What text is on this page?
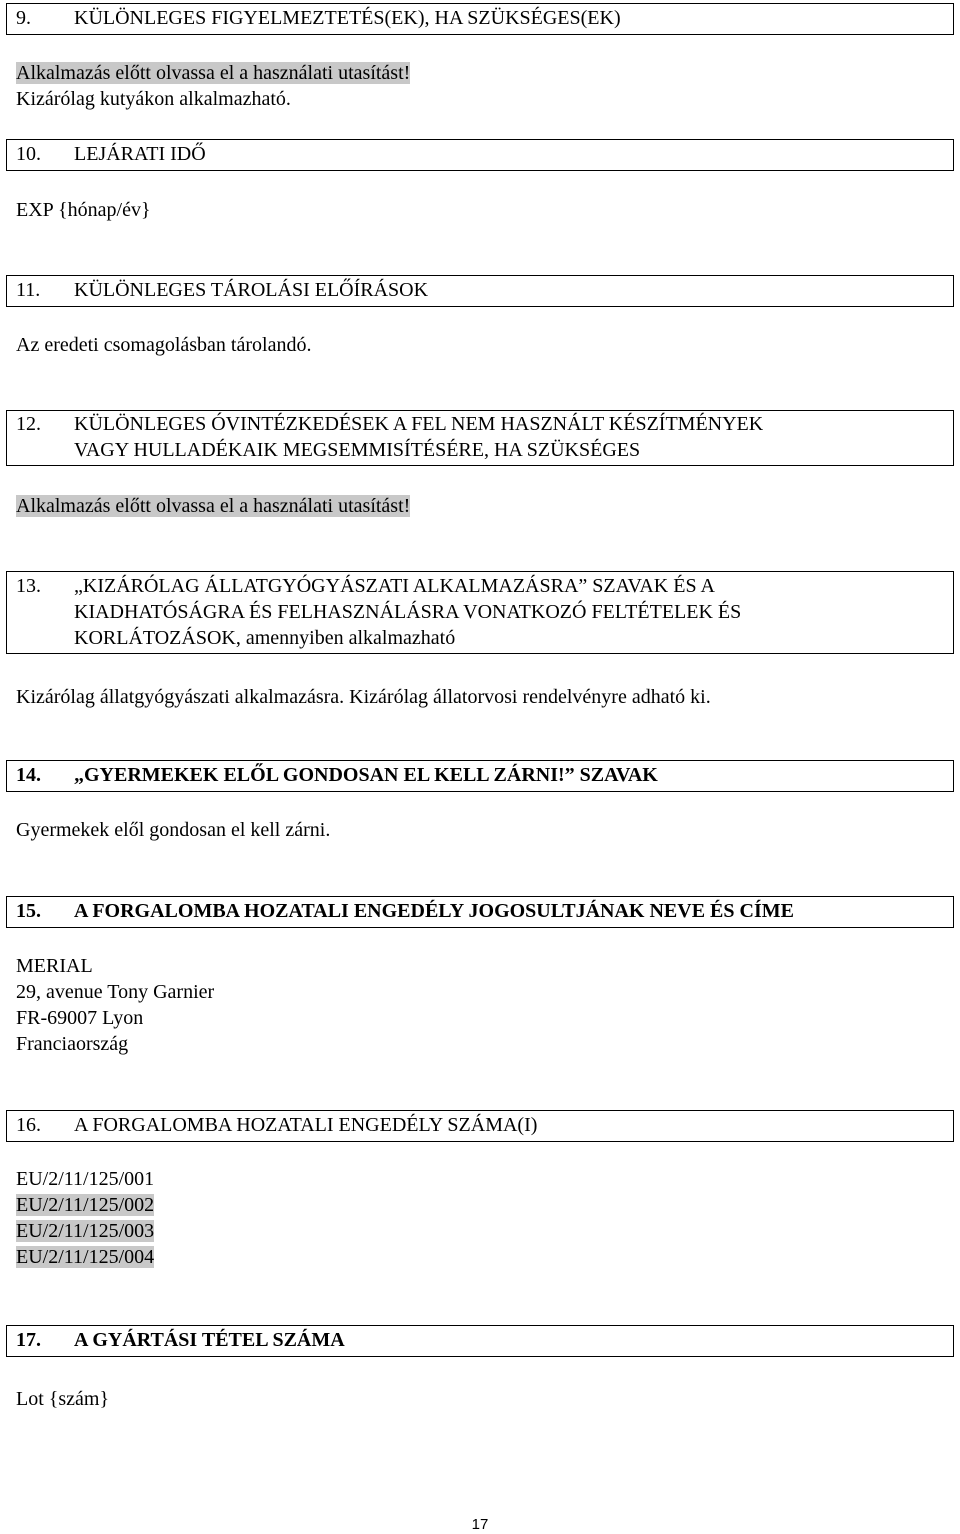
9. KÜLÖNLEGES FIGYELMEZTETÉS(EK), HA SZÜKSÉGES(EK)
Alkalmazás előtt olvassa el a használati utasítást!
Kizárólag kutyákon alkalmazható.
10. LEJÁRATI IDŐ
EXP {hónap/év}
11. KÜLÖNLEGES TÁROLÁSI ELŐÍRÁSOK
Az eredeti csomagolásban tárolandó.
12. KÜLÖNLEGES ÓVINTÉZKEDÉSEK A FEL NEM HASZNÁLT KÉSZÍTMÉNYEK
VAGY HULLADÉKAIK MEGSEMMISÍTÉSÉRE, HA SZÜKSÉGES
Alkalmazás előtt olvassa el a használati utasítást!
13. „KIZÁRÓLAG ÁLLATGYÓGYÁSZATI ALKALMAZÁSRA” SZAVAK ÉS A
KIADHATÓSÁGRA ÉS FELHASZNÁLÁSRA VONATKOZÓ FELTÉTELEK ÉS
KORLÁTOZÁSOK, amennyiben alkalmazható
Kizárólag állatgyógyászati alkalmazásra. Kizárólag állatorvosi rendelvényre adható ki.
14. „GYERMEKEK ELŐL GONDOSAN EL KELL ZÁRNI!” SZAVAK
Gyermekek elől gondosan el kell zárni.
15. A FORGALOMBA HOZATALI ENGEDÉLY JOGOSULTJÁNAK NEVE ÉS CÍME
MERIAL
29, avenue Tony Garnier
FR-69007 Lyon
Franciaország
16. A FORGALOMBA HOZATALI ENGEDÉLY SZÁMA(I)
EU/2/11/125/001
EU/2/11/125/002
EU/2/11/125/003
EU/2/11/125/004
17. A GYÁRTÁSI TÉTEL SZÁMA
Lot {szám}
17
